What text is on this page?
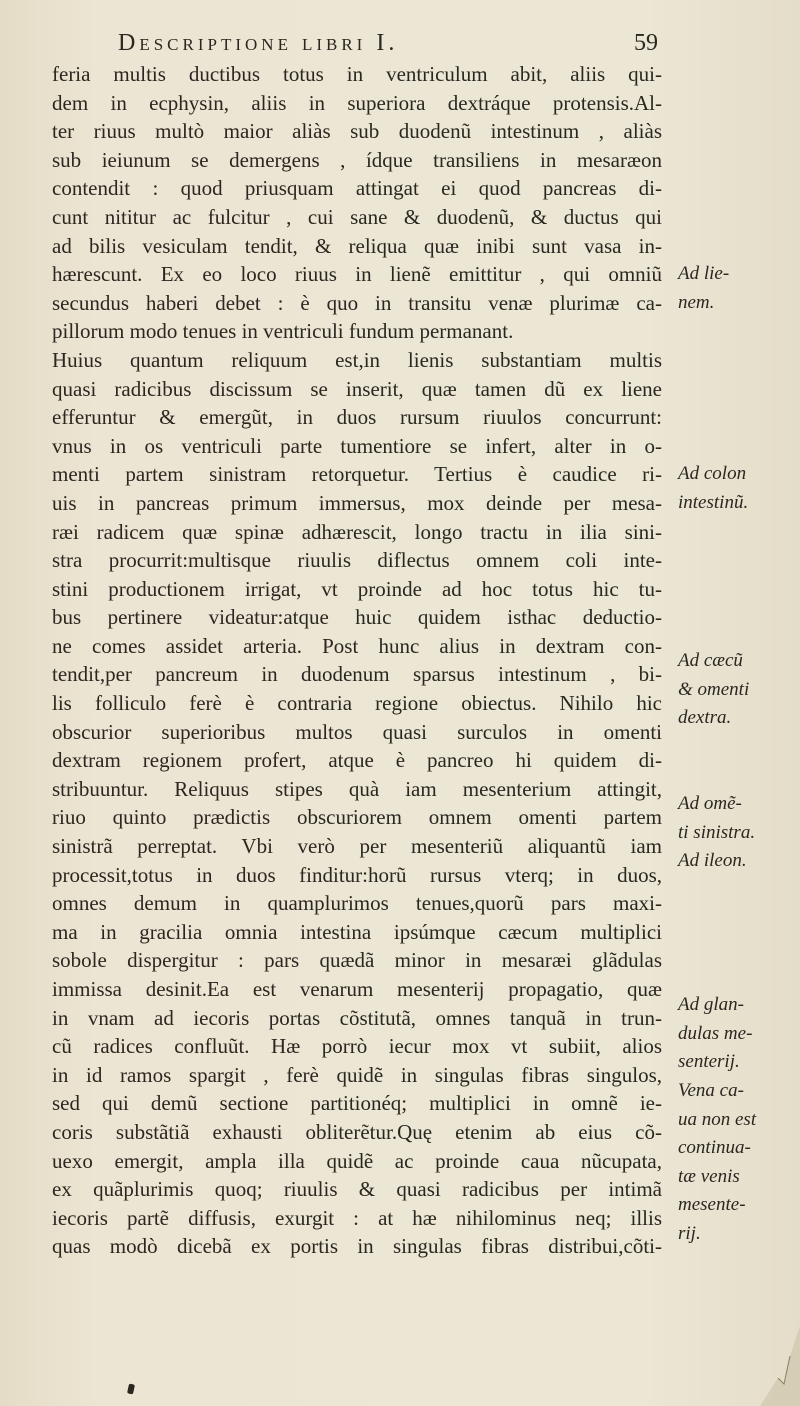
Descriptione libri I.	59
feria multis ductibus totus in ventriculum abit, aliis qui-
dem in ecphysin, aliis in superiora dextráque protensis.Al-
ter riuus multò maior aliàs sub duodenũ intestinum , aliàs
sub ieiunum se demergens , ídque transiliens in mesaræon
contendit : quod priusquam attingat ei quod pancreas di-
cunt nititur ac fulcitur , cui sane & duodenũ, & ductus qui
ad bilis vesiculam tendit, & reliqua quæ inibi sunt vasa in-
hærescunt. Ex eo loco riuus in lienẽ emittitur , qui omniũ
secundus haberi debet : è quo in transitu venæ plurimæ ca-
pillorum modo tenues in ventriculi fundum permanant.
Huius quantum reliquum est,in lienis substantiam multis
quasi radicibus discissum se inserit, quæ tamen dũ ex liene
efferuntur & emergũt, in duos rursum riuulos concurrunt:
vnus in os ventriculi parte tumentiore se infert, alter in o-
menti partem sinistram retorquetur. Tertius è caudice ri-
uis in pancreas primum immersus, mox deinde per mesa-
ræi radicem quæ spinæ adhærescit, longo tractu in ilia sini-
stra procurrit:multisque riuulis diflectus omnem coli inte-
stini productionem irrigat, vt proinde ad hoc totus hic tu-
bus pertinere videatur:atque huic quidem isthac deductio-
ne comes assidet arteria. Post hunc alius in dextram con-
tendit,per pancreum in duodenum sparsus intestinum , bi-
lis folliculo ferè è contraria regione obiectus. Nihilo hic
obscurior superioribus multos quasi surculos in omenti
dextram regionem profert, atque è pancreo hi quidem di-
stribuuntur. Reliquus stipes quà iam mesenterium attingit,
riuo quinto prædictis obscuriorem omnem omenti partem
sinistrã perreptat. Vbi verò per mesenteriũ aliquantũ iam
processit,totus in duos finditur:horũ rursus vterq; in duos,
omnes demum in quamplurimos tenues,quorũ pars maxi-
ma in gracilia omnia intestina ipsúmque cæcum multiplici
sobole dispergitur : pars quædã minor in mesaræi glãdulas
immissa desinit.Ea est venarum mesenterij propagatio, quæ
in vnam ad iecoris portas cõstitutã, omnes tanquã in trun-
cũ radices confluũt. Hæ porrò iecur mox vt subiit, alios
in id ramos spargit , ferè quidẽ in singulas fibras singulos,
sed qui demũ sectione partitionéq; multiplici in omnẽ ie-
coris substãtiã exhausti obliterẽtur.Quę etenim ab eius cõ-
uexo emergit, ampla illa quidẽ ac proinde caua nũcupata,
ex quãplurimis quoq; riuulis & quasi radicibus per intimã
iecoris partẽ diffusis, exurgit : at hæ nihilominus neq; illis
quas modò dicebã ex portis in singulas fibras distribui,cõti-
Ad lie-
nem.
Ad colon
intestinũ.
Ad cæcũ
& omenti
dextra.
Ad omẽ-
ti sinistra.
Ad ileon.
Ad glan-
dulas me-
senterij.
Vena ca-
ua non est
continua-
tæ venis
mesente-
rij.
